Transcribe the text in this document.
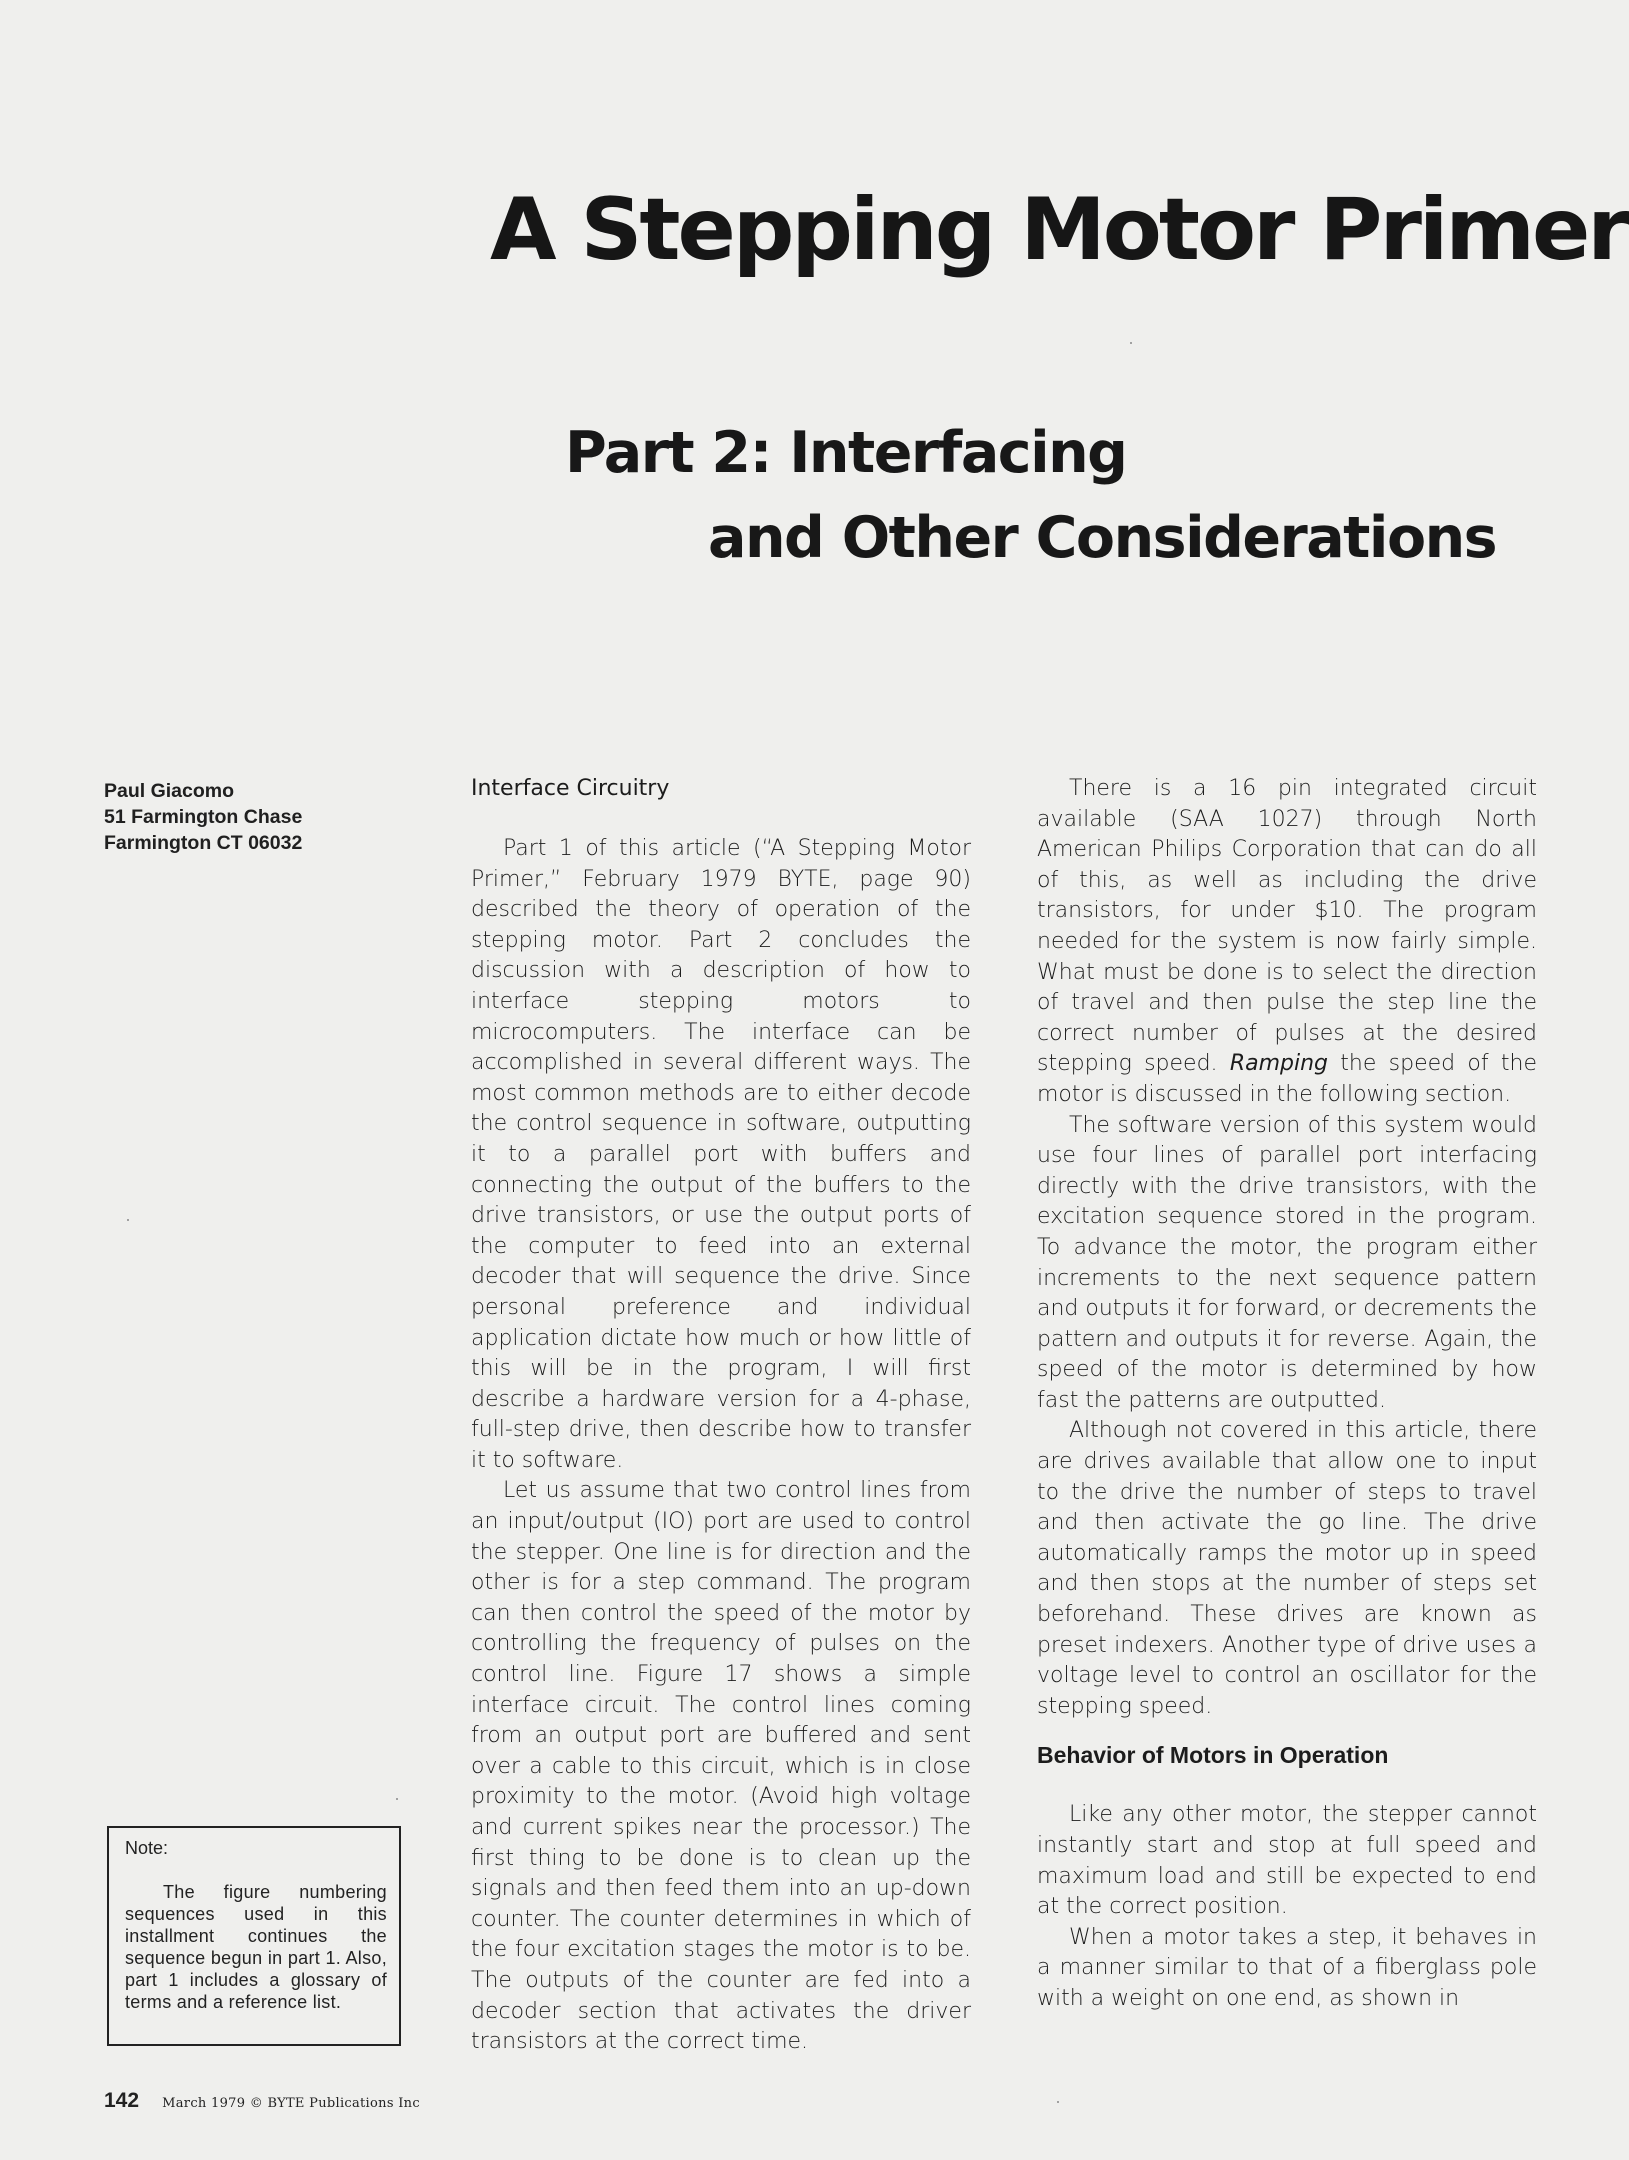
A Stepping Motor Primer
Part 2: Interfacing
and Other Considerations
Paul Giacomo
51 Farmington Chase
Farmington CT 06032
Note:
The figure numbering sequences used in this installment continues the sequence begun in part 1. Also, part 1 includes a glossary of terms and a reference list.
Interface Circuitry

Part 1 of this article (“A Stepping Motor Primer,” February 1979 BYTE, page 90) described the theory of operation of the stepping motor. Part 2 concludes the discussion with a description of how to interface stepping motors to microcomputers. The interface can be accomplished in several different ways. The most common methods are to either decode the control sequence in software, outputting it to a parallel port with buffers and connecting the output of the buffers to the drive transistors, or use the output ports of the computer to feed into an external decoder that will sequence the drive. Since personal preference and individual application dictate how much or how little of this will be in the program, I will first describe a hardware version for a 4-phase, full-step drive, then describe how to transfer it to software.

Let us assume that two control lines from an input/output (IO) port are used to control the stepper. One line is for direction and the other is for a step command. The program can then control the speed of the motor by controlling the frequency of pulses on the control line. Figure 17 shows a simple interface circuit. The control lines coming from an output port are buffered and sent over a cable to this circuit, which is in close proximity to the motor. (Avoid high voltage and current spikes near the processor.) The first thing to be done is to clean up the signals and then feed them into an up-down counter. The counter determines in which of the four excitation stages the motor is to be. The outputs of the counter are fed into a decoder section that activates the driver transistors at the correct time.

There is a 16 pin integrated circuit available (SAA 1027) through North American Philips Corporation that can do all of this, as well as including the drive transistors, for under $10. The program needed for the system is now fairly simple. What must be done is to select the direction of travel and then pulse the step line the correct number of pulses at the desired stepping speed. Ramping the speed of the motor is discussed in the following section.

The software version of this system would use four lines of parallel port interfacing directly with the drive transistors, with the excitation sequence stored in the program. To advance the motor, the program either increments to the next sequence pattern and outputs it for forward, or decrements the pattern and outputs it for reverse. Again, the speed of the motor is determined by how fast the patterns are outputted.

Although not covered in this article, there are drives available that allow one to input to the drive the number of steps to travel and then activate the go line. The drive automatically ramps the motor up in speed and then stops at the number of steps set beforehand. These drives are known as preset indexers. Another type of drive uses a voltage level to control an oscillator for the stepping speed.

Behavior of Motors in Operation

Like any other motor, the stepper cannot instantly start and stop at full speed and maximum load and still be expected to end at the correct position.

When a motor takes a step, it behaves in a manner similar to that of a fiberglass pole with a weight on one end, as shown in

142 March 1979 © BYTE Publications Inc
